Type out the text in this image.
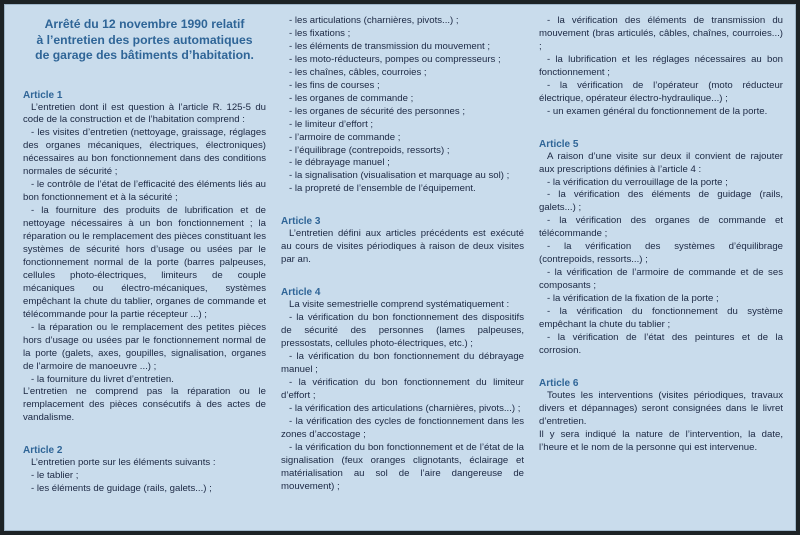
Arrêté du 12 novembre 1990 relatif
à l’entretien des portes automatiques
de garage des bâtiments d’habitation.
Article 1
L’entretien dont il est question à l’article R. 125-5 du code de la construction et de l’habitation comprend :
- les visites d’entretien (nettoyage, graissage, réglages des organes mécaniques, électriques, électroniques) nécessaires au bon fonctionnement dans des conditions normales de sécurité ;
- le contrôle de l’état de l’efficacité des éléments liés au bon fonctionnement et à la sécurité ;
- la fourniture des produits de lubrification et de nettoyage nécessaires à un bon fonctionnement ; la réparation ou le remplacement des pièces constituant les systèmes de sécurité hors d’usage ou usées par le fonctionnement normal de la porte (barres palpeuses, cellules photo-électriques, limiteurs de couple mécaniques ou électro-mécaniques, systèmes empêchant la chute du tablier, organes de commande et télécommande pour la partie récepteur ...) ;
- la réparation ou le remplacement des petites pièces hors d’usage ou usées par le fonctionnement normal de la porte (galets, axes, goupilles, signalisation, organes de l’armoire de manoeuvre ...) ;
- la fourniture du livret d’entretien.
L’entretien ne comprend pas la réparation ou le remplacement des pièces consécutifs à des actes de vandalisme.
Article 2
L’entretien porte sur les éléments suivants :
- le tablier ;
- les éléments de guidage (rails, galets...) ;
- les articulations (charnières, pivots...) ;
- les fixations ;
- les éléments de transmission du mouvement ;
- les moto-réducteurs, pompes ou compresseurs ;
- les chaînes, câbles, courroies ;
- les fins de courses ;
- les organes de commande ;
- les organes de sécurité des personnes ;
- le limiteur d’effort ;
- l’armoire de commande ;
- l’équilibrage (contrepoids, ressorts) ;
- le débrayage manuel ;
- la signalisation (visualisation et marquage au sol) ;
- la propreté de l’ensemble de l’équipement.
Article 3
L’entretien défini aux articles précédents est exécuté au cours de visites périodiques à raison de deux visites par an.
Article 4
La visite semestrielle comprend systématiquement :
- la vérification du bon fonctionnement des dispositifs de sécurité des personnes (lames palpeuses, pressostats, cellules photo-électriques, etc.) ;
- la vérification du bon fonctionnement du débrayage manuel ;
- la vérification du bon fonctionnement du limiteur d’effort ;
- la vérification des articulations (charnières, pivots...) ;
- la vérification des cycles de fonctionnement dans les zones d’accostage ;
- la vérification du bon fonctionnement et de l’état de la signalisation (feux oranges clignotants, éclairage et matérialisation au sol de l’aire dangereuse de mouvement) ;
- la vérification des éléments de transmission du mouvement (bras articulés, câbles, chaînes, courroies...) ;
- la lubrification et les réglages nécessaires au bon fonctionnement ;
- la vérification de l’opérateur (moto réducteur électrique, opérateur électro-hydraulique...) ;
- un examen général du fonctionnement de la porte.
Article 5
A raison d’une visite sur deux il convient de rajouter aux prescriptions définies à l’article 4 :
- la vérification du verrouillage de la porte ;
- la vérification des éléments de guidage (rails, galets...) ;
- la vérification des organes de commande et télécommande ;
- la vérification des systèmes d’équilibrage (contrepoids, ressorts...) ;
- la vérification de l’armoire de commande et de ses composants ;
- la vérification de la fixation de la porte ;
- la vérification du fonctionnement du système empêchant la chute du tablier ;
- la vérification de l’état des peintures et de la corrosion.
Article 6
Toutes les interventions (visites périodiques, travaux divers et dépannages) seront consignées dans le livret d’entretien.
Il y sera indiqué la nature de l’intervention, la date, l’heure et le nom de la personne qui est intervenue.
